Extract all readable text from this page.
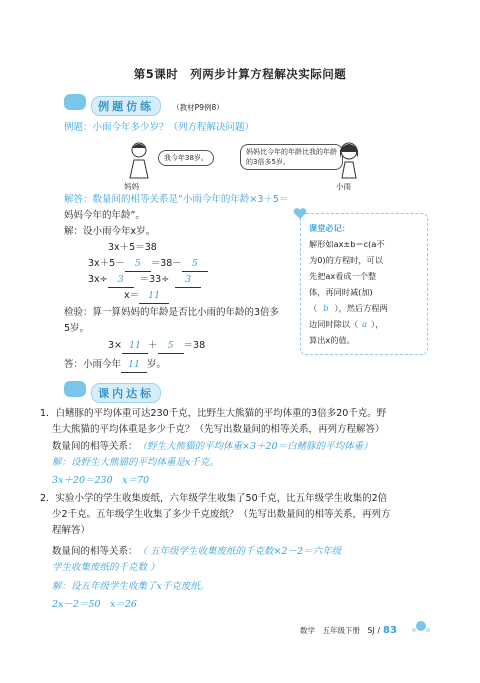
第5课时　列两步计算方程解决实际问题
例题仿练 （教材P9例8）
例题：小雨今年多少岁？（列方程解决问题）
妈妈
我今年38岁。
妈妈比今年的年龄比我的年龄
的3倍多5岁。
小雨
解答：数量间的相等关系是“小雨今年的年龄×3＋5＝
妈妈今年的年龄”。
解：设小雨今年x岁。
3x＋5＝38
3x＋5－ 5 ＝38－ 5
3x÷ 3 ＝33÷ 3
x＝ 11
检验：算一算妈妈的年龄是否比小雨的年龄的3倍多
5岁。
3× 11 ＋ 5 ＝38
答：小雨今年 11 岁。
课堂必记：
解形如ax±b＝c(a不
为0)的方程时，可以
先把ax看成一个整
体，再同时减(加)
（ b ），然后方程两
边同时除以（ a ），
算出x的值。
课内达标
1．白鳍豚的平均体重可达230千克，比野生大熊猫的平均体重的3倍多20千克。野
生大熊猫的平均体重是多少千克？（先写出数量间的相等关系，再列方程解答）
数量间的相等关系：（野生大熊猫的平均体重×3＋20＝白鳍豚的平均体重）
解：设野生大熊猫的平均体重是x千克。
3x＋20＝230　x＝70
2．实验小学的学生收集废纸，六年级学生收集了50千克，比五年级学生收集的2倍
少2千克。五年级学生收集了多少千克废纸？（先写出数量间的相等关系，再列方
程解答）
数量间的相等关系：（ 五年级学生收集废纸的千克数×2－2＝六年级
学生收集废纸的千克数 ）
解：设五年级学生收集了x千克废纸。
2x－2＝50　x＝26
数学　五年级下册　SJ / 83
